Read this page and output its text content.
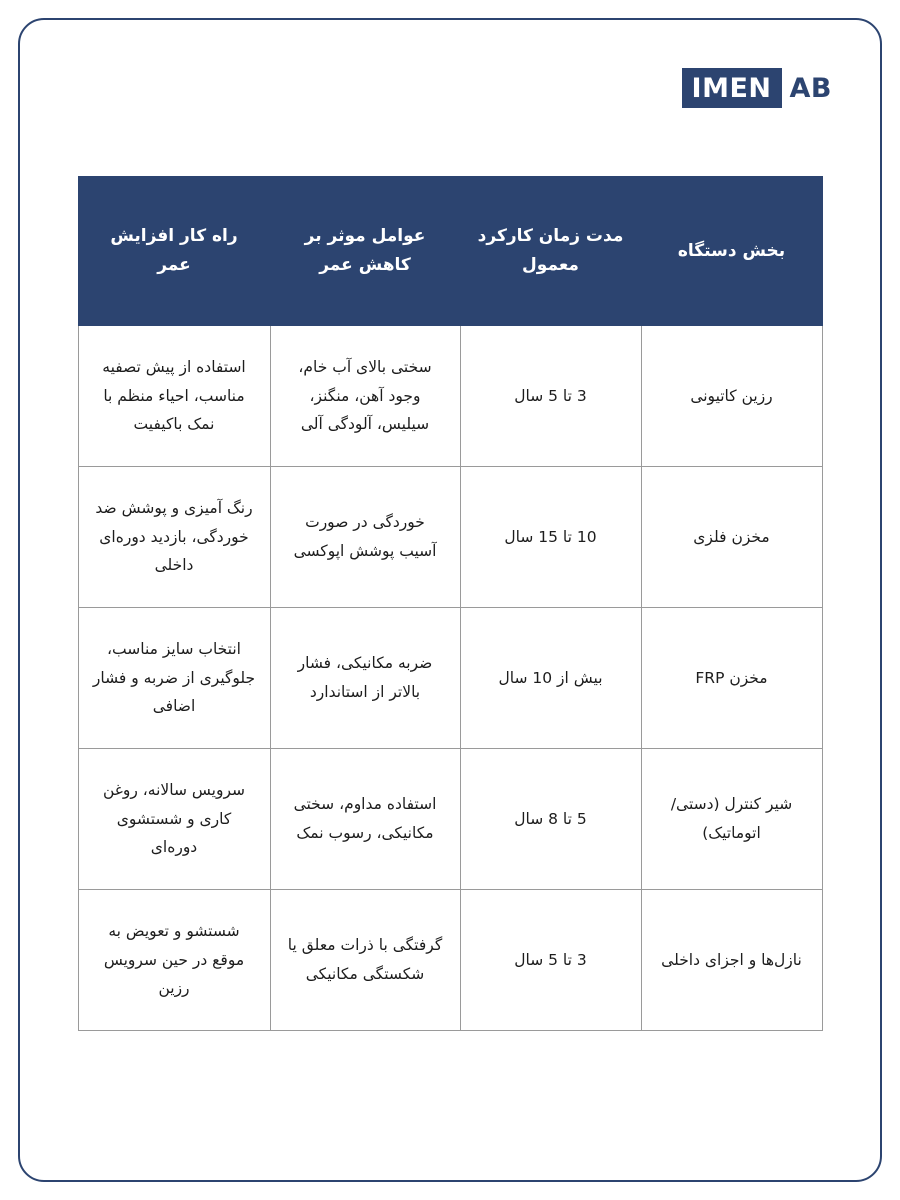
IMEN AB
بخش دستگاه	مدت زمان کارکرد معمول	عوامل موثر بر کاهش عمر	راه کار افزایش عمر
رزین کاتیونی	3 تا 5 سال	سختی بالای آب خام، وجود آهن، منگنز، سیلیس، آلودگی آلی	استفاده از پیش تصفیه مناسب، احیاء منظم با نمک باکیفیت
مخزن فلزی	10 تا 15 سال	خوردگی در صورت آسیب پوشش اپوکسی	رنگ آمیزی و پوشش ضد خوردگی، بازدید دوره‌ای داخلی
مخزن FRP	بیش از 10 سال	ضربه مکانیکی، فشار بالاتر از استاندارد	انتخاب سایز مناسب، جلوگیری از ضربه و فشار اضافی
شیر کنترل (دستی/ اتوماتیک)	5 تا 8 سال	استفاده مداوم، سختی مکانیکی، رسوب نمک	سرویس سالانه، روغن کاری و شستشوی دوره‌ای
نازل‌ها و اجزای داخلی	3 تا 5 سال	گرفتگی با ذرات معلق یا شکستگی مکانیکی	شستشو و تعویض به موقع در حین سرویس رزین
